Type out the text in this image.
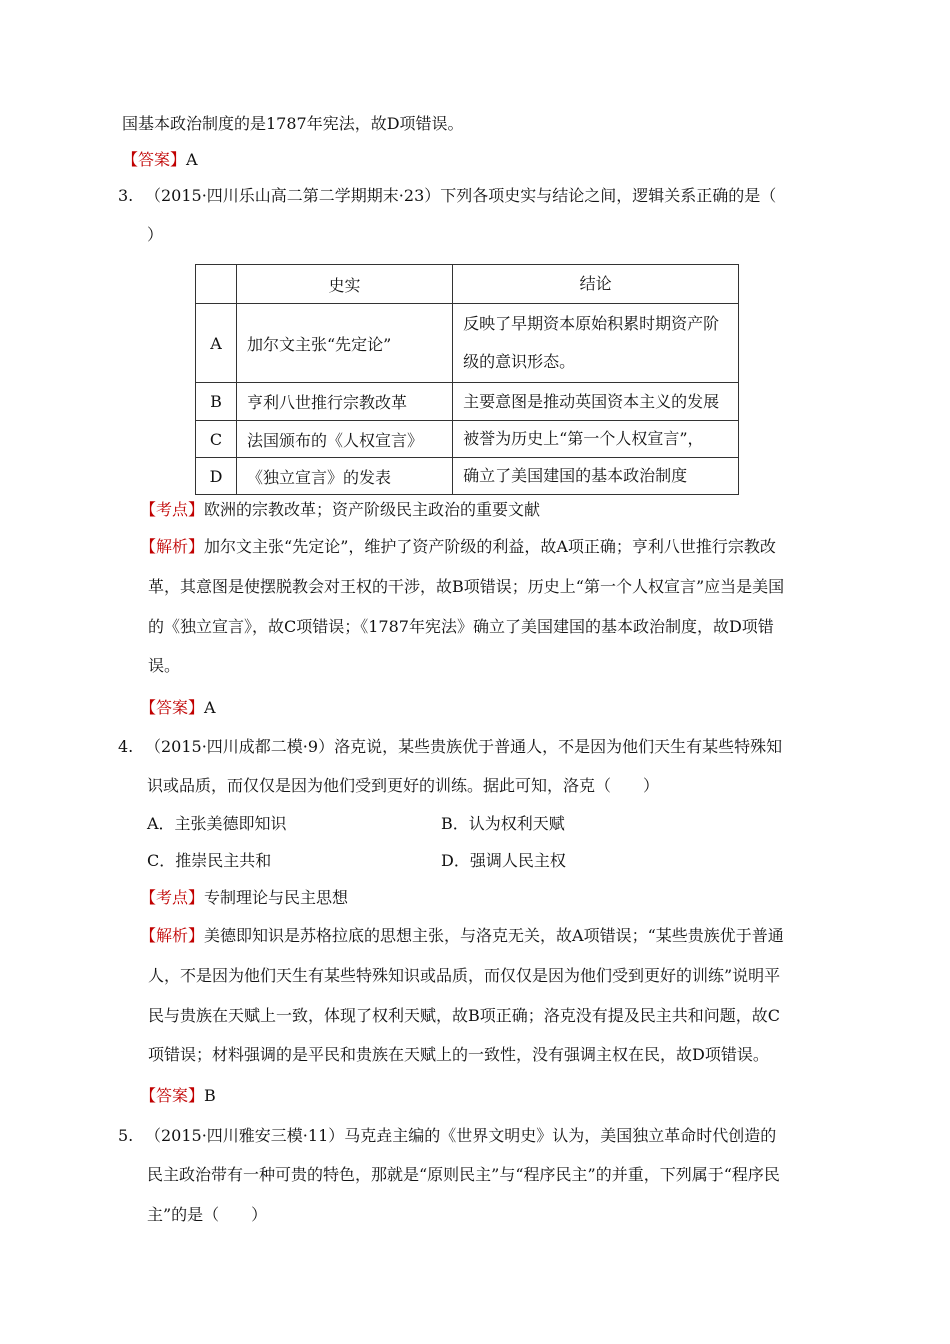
国基本政治制度的是1787年宪法，故D项错误。
【答案】A
3. （2015·四川乐山高二第二学期期末·23）下列各项史实与结论之间，逻辑关系正确的是（
）
	史实	结论
A	加尔文主张“先定论”	反映了早期资本原始积累时期资产阶级的意识形态。
B	亨利八世推行宗教改革	主要意图是推动英国资本主义的发展
C	法国颁布的《人权宣言》	被誉为历史上“第一个人权宣言”，
D	《独立宣言》的发表	确立了美国建国的基本政治制度
【考点】欧洲的宗教改革；资产阶级民主政治的重要文献
【解析】加尔文主张“先定论”，维护了资产阶级的利益，故A项正确；亨利八世推行宗教改
革，其意图是使摆脱教会对王权的干涉，故B项错误；历史上“第一个人权宣言”应当是美国
的《独立宣言》，故C项错误；《1787年宪法》确立了美国建国的基本政治制度，故D项错
误。
【答案】A
4. （2015·四川成都二模·9）洛克说，某些贵族优于普通人，不是因为他们天生有某些特殊知
识或品质，而仅仅是因为他们受到更好的训练。据此可知，洛克（　　）
A．主张美德即知识	B．认为权利天赋
C．推崇民主共和	D．强调人民主权
【考点】专制理论与民主思想
【解析】美德即知识是苏格拉底的思想主张，与洛克无关，故A项错误；“某些贵族优于普通
人，不是因为他们天生有某些特殊知识或品质，而仅仅是因为他们受到更好的训练”说明平
民与贵族在天赋上一致，体现了权利天赋，故B项正确；洛克没有提及民主共和问题，故C
项错误；材料强调的是平民和贵族在天赋上的一致性，没有强调主权在民，故D项错误。
【答案】B
5. （2015·四川雅安三模·11）马克垚主编的《世界文明史》认为，美国独立革命时代创造的
民主政治带有一种可贵的特色，那就是“原则民主”与“程序民主”的并重，下列属于“程序民
主”的是（　　）
